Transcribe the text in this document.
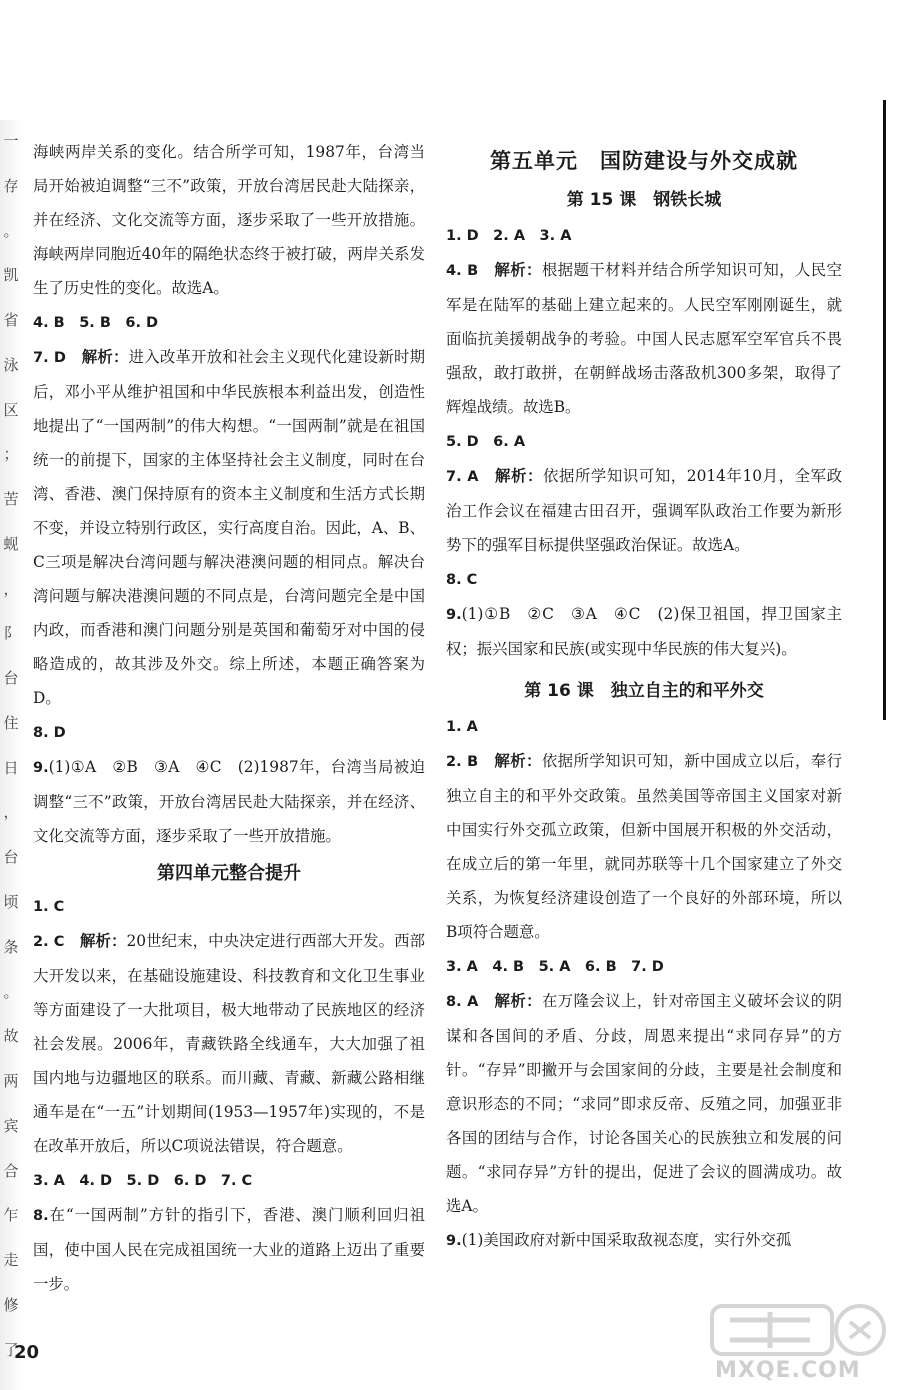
一
存
。
凯
省
泳
区
；
苦
蚬
，
阝
台
住
日
，
台
顷
条
。
故
两
宾
合
乍
走
修
了

海峡两岸关系的变化。结合所学可知，1987年，台湾当局开始被迫调整“三不”政策，开放台湾居民赴大陆探亲，并在经济、文化交流等方面，逐步采取了一些开放措施。海峡两岸同胞近40年的隔绝状态终于被打破，两岸关系发生了历史性的变化。故选A。

4. B　5. B　6. D

7. D　 解析：进入改革开放和社会主义现代化建设新时期后，邓小平从维护祖国和中华民族根本利益出发，创造性地提出了“一国两制”的伟大构想。“一国两制”就是在祖国统一的前提下，国家的主体坚持社会主义制度，同时在台湾、香港、澳门保持原有的资本主义制度和生活方式长期不变，并设立特别行政区，实行高度自治。因此，A、B、C三项是解决台湾问题与解决港澳问题的相同点。解决台湾问题与解决港澳问题的不同点是，台湾问题完全是中国内政，而香港和澳门问题分别是英国和葡萄牙对中国的侵略造成的，故其涉及外交。综上所述，本题正确答案为D。

8. D

9.(1)①A　②B　③A　④C　(2)1987年，台湾当局被迫调整“三不”政策，开放台湾居民赴大陆探亲，并在经济、文化交流等方面，逐步采取了一些开放措施。

第四单元整合提升

1. C

2. C　 解析：20世纪末，中央决定进行西部大开发。西部大开发以来，在基础设施建设、科技教育和文化卫生事业等方面建设了一大批项目，极大地带动了民族地区的经济社会发展。2006年，青藏铁路全线通车，大大加强了祖国内地与边疆地区的联系。而川藏、青藏、新藏公路相继通车是在“一五”计划期间(1953—1957年)实现的，不是在改革开放后，所以C项说法错误，符合题意。

3. A　4. D　5. D　6. D　7. C

8.在“一国两制”方针的指引下，香港、澳门顺利回归祖国，使中国人民在完成祖国统一大业的道路上迈出了重要一步。

第五单元　国防建设与外交成就
第 15 课　钢铁长城

1. D　2. A　3. A

4. B　 解析：根据题干材料并结合所学知识可知，人民空军是在陆军的基础上建立起来的。人民空军刚刚诞生，就面临抗美援朝战争的考验。中国人民志愿军空军官兵不畏强敌，敢打敢拼，在朝鲜战场击落敌机300多架，取得了辉煌战绩。故选B。

5. D　6. A

7. A　 解析：依据所学知识可知，2014年10月，全军政治工作会议在福建古田召开，强调军队政治工作要为新形势下的强军目标提供坚强政治保证。故选A。

8. C

9.(1)①B　②C　③A　④C　(2)保卫祖国，捍卫国家主权；振兴国家和民族(或实现中华民族的伟大复兴)。

第 16 课　独立自主的和平外交

1. A

2. B　 解析：依据所学知识可知，新中国成立以后，奉行独立自主的和平外交政策。虽然美国等帝国主义国家对新中国实行外交孤立政策，但新中国展开积极的外交活动，在成立后的第一年里，就同苏联等十几个国家建立了外交关系，为恢复经济建设创造了一个良好的外部环境，所以B项符合题意。

3. A　4. B　5. A　6. B　7. D

8. A　 解析：在万隆会议上，针对帝国主义破坏会议的阴谋和各国间的矛盾、分歧，周恩来提出“求同存异”的方针。“存异”即撇开与会国家间的分歧，主要是社会制度和意识形态的不同；“求同”即求反帝、反殖之同，加强亚非各国的团结与合作，讨论各国关心的民族独立和发展的问题。“求同存异”方针的提出，促进了会议的圆满成功。故选A。

9.(1)美国政府对新中国采取敌视态度，实行外交孤

20
MXQE.COM
